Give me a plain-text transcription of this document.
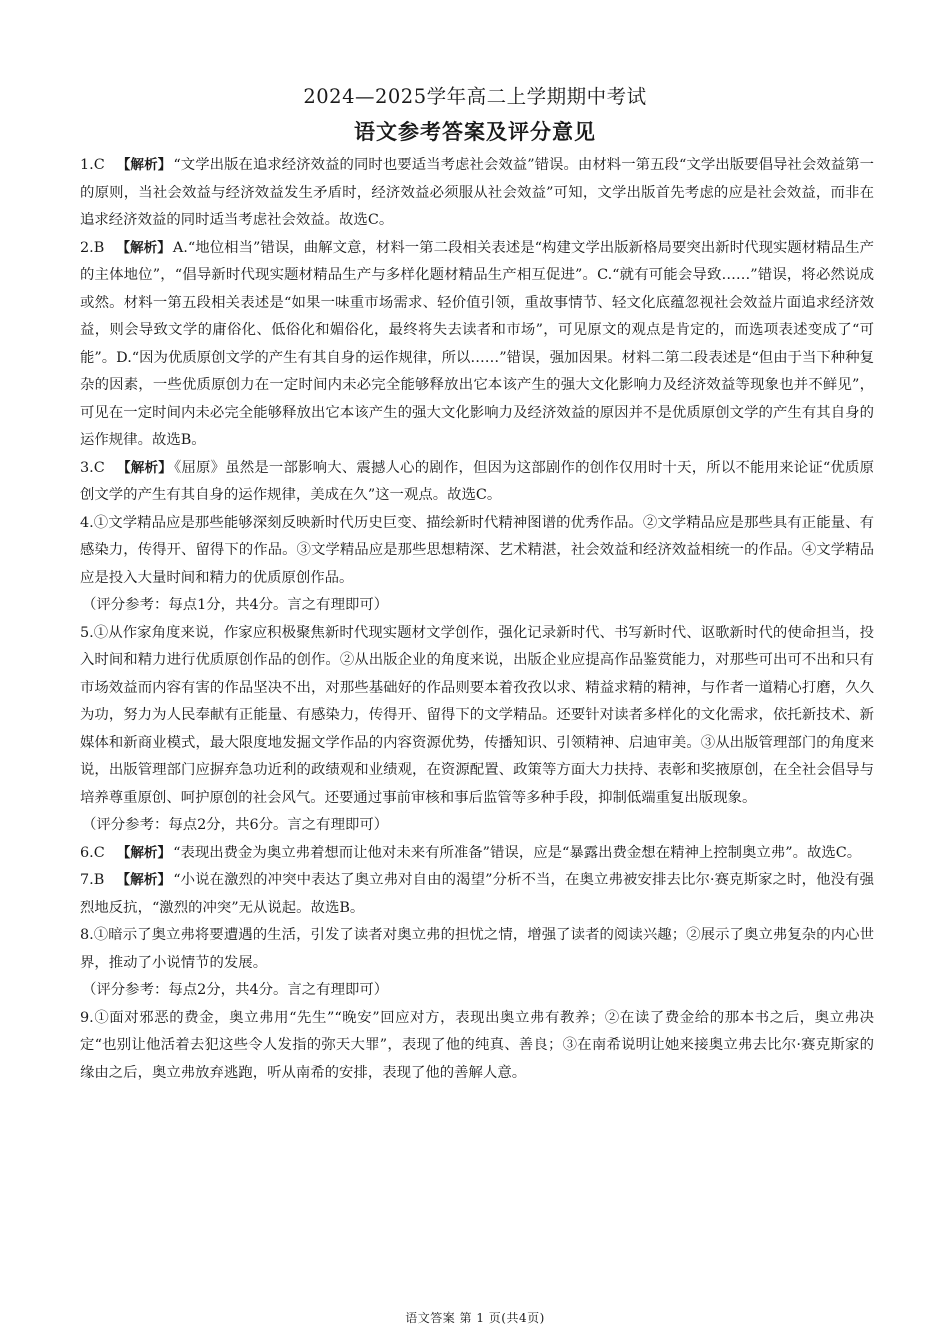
2024—2025学年高二上学期期中考试
语文参考答案及评分意见

1.C 【解析】 “文学出版在追求经济效益的同时也要适当考虑社会效益”错误。由材料一第五段“文学出版要倡导社会效益第一的原则，当社会效益与经济效益发生矛盾时，经济效益必须服从社会效益”可知，文学出版首先考虑的应是社会效益，而非在追求经济效益的同时适当考虑社会效益。故选C。

2.B 【解析】 A.“地位相当”错误，曲解文意，材料一第二段相关表述是“构建文学出版新格局要突出新时代现实题材精品生产的主体地位”，“倡导新时代现实题材精品生产与多样化题材精品生产相互促进”。C.“就有可能会导致……”错误，将必然说成或然。材料一第五段相关表述是“如果一味重市场需求、轻价值引领，重故事情节、轻文化底蕴忽视社会效益片面追求经济效益，则会导致文学的庸俗化、低俗化和媚俗化，最终将失去读者和市场”，可见原文的观点是肯定的，而选项表述变成了“可能”。D.“因为优质原创文学的产生有其自身的运作规律，所以……”错误，强加因果。材料二第二段表述是“但由于当下种种复杂的因素，一些优质原创力在一定时间内未必完全能够释放出它本该产生的强大文化影响力及经济效益等现象也并不鲜见”，可见在一定时间内未必完全能够释放出它本该产生的强大文化影响力及经济效益的原因并不是优质原创文学的产生有其自身的运作规律。故选B。

3.C 【解析】 《屈原》虽然是一部影响大、震撼人心的剧作，但因为这部剧作的创作仅用时十天，所以不能用来论证“优质原创文学的产生有其自身的运作规律，美成在久”这一观点。故选C。

4.①文学精品应是那些能够深刻反映新时代历史巨变、描绘新时代精神图谱的优秀作品。②文学精品应是那些具有正能量、有感染力，传得开、留得下的作品。③文学精品应是那些思想精深、艺术精湛，社会效益和经济效益相统一的作品。④文学精品应是投入大量时间和精力的优质原创作品。

（评分参考：每点1分，共4分。言之有理即可）

5.①从作家角度来说，作家应积极聚焦新时代现实题材文学创作，强化记录新时代、书写新时代、讴歌新时代的使命担当，投入时间和精力进行优质原创作品的创作。②从出版企业的角度来说，出版企业应提高作品鉴赏能力，对那些可出可不出和只有市场效益而内容有害的作品坚决不出，对那些基础好的作品则要本着孜孜以求、精益求精的精神，与作者一道精心打磨，久久为功，努力为人民奉献有正能量、有感染力，传得开、留得下的文学精品。还要针对读者多样化的文化需求，依托新技术、新媒体和新商业模式，最大限度地发掘文学作品的内容资源优势，传播知识、引领精神、启迪审美。③从出版管理部门的角度来说，出版管理部门应摒弃急功近利的政绩观和业绩观，在资源配置、政策等方面大力扶持、表彰和奖掖原创，在全社会倡导与培养尊重原创、呵护原创的社会风气。还要通过事前审核和事后监管等多种手段，抑制低端重复出版现象。

（评分参考：每点2分，共6分。言之有理即可）

6.C 【解析】 “表现出费金为奥立弗着想而让他对未来有所准备”错误，应是“暴露出费金想在精神上控制奥立弗”。故选C。

7.B 【解析】 “小说在激烈的冲突中表达了奥立弗对自由的渴望”分析不当，在奥立弗被安排去比尔·赛克斯家之时，他没有强烈地反抗，“激烈的冲突”无从说起。故选B。

8.①暗示了奥立弗将要遭遇的生活，引发了读者对奥立弗的担忧之情，增强了读者的阅读兴趣；②展示了奥立弗复杂的内心世界，推动了小说情节的发展。

（评分参考：每点2分，共4分。言之有理即可）

9.①面对邪恶的费金，奥立弗用“先生”“晚安”回应对方，表现出奥立弗有教养；②在读了费金给的那本书之后，奥立弗决定“也别让他活着去犯这些令人发指的弥天大罪”，表现了他的纯真、善良；③在南希说明让她来接奥立弗去比尔·赛克斯家的缘由之后，奥立弗放弃逃跑，听从南希的安排，表现了他的善解人意。

语文答案 第 1 页(共4页)
